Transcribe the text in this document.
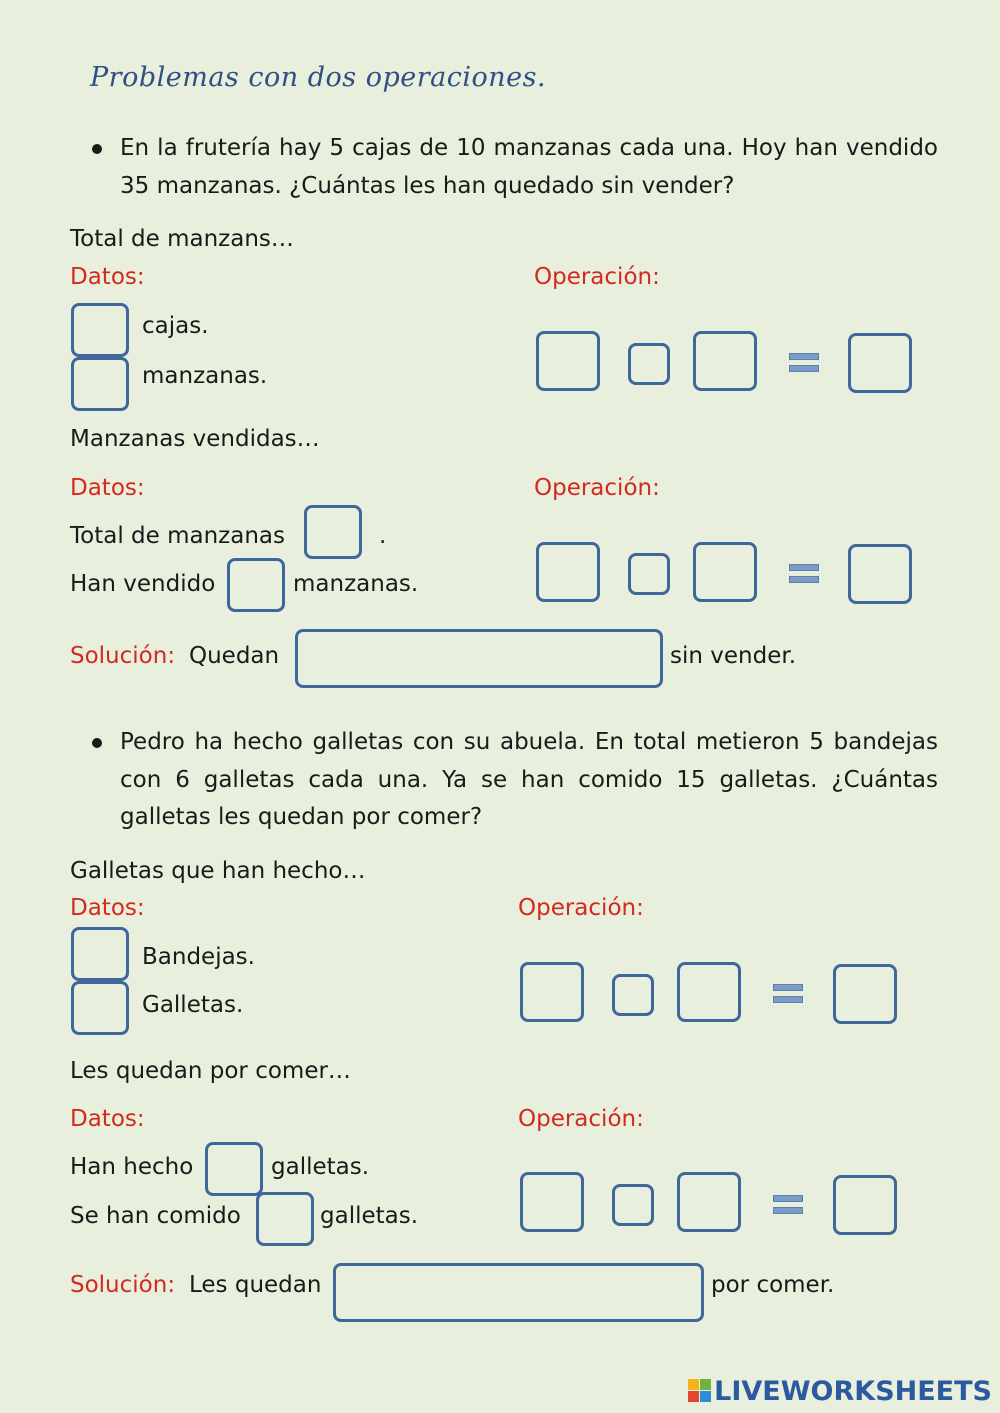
Problemas con dos operaciones.
En la frutería hay 5 cajas de 10 manzanas cada una. Hoy han vendido 35 manzanas. ¿Cuántas les han quedado sin vender?
Total de manzans…
Datos:	Operación:
cajas.
manzanas.
Manzanas vendidas…
Datos:	Operación:
Total de manzanas	.
Han vendido	manzanas.
Solución: Quedan	sin vender.
Pedro ha hecho galletas con su abuela. En total metieron 5 bandejas con 6 galletas cada una. Ya se han comido 15 galletas. ¿Cuántas galletas les quedan por comer?
Galletas que han hecho…
Datos:	Operación:
Bandejas.
Galletas.
Les quedan por comer…
Datos:	Operación:
Han hecho	galletas.
Se han comido	galletas.
Solución: Les quedan	por comer.
LIVEWORKSHEETS
